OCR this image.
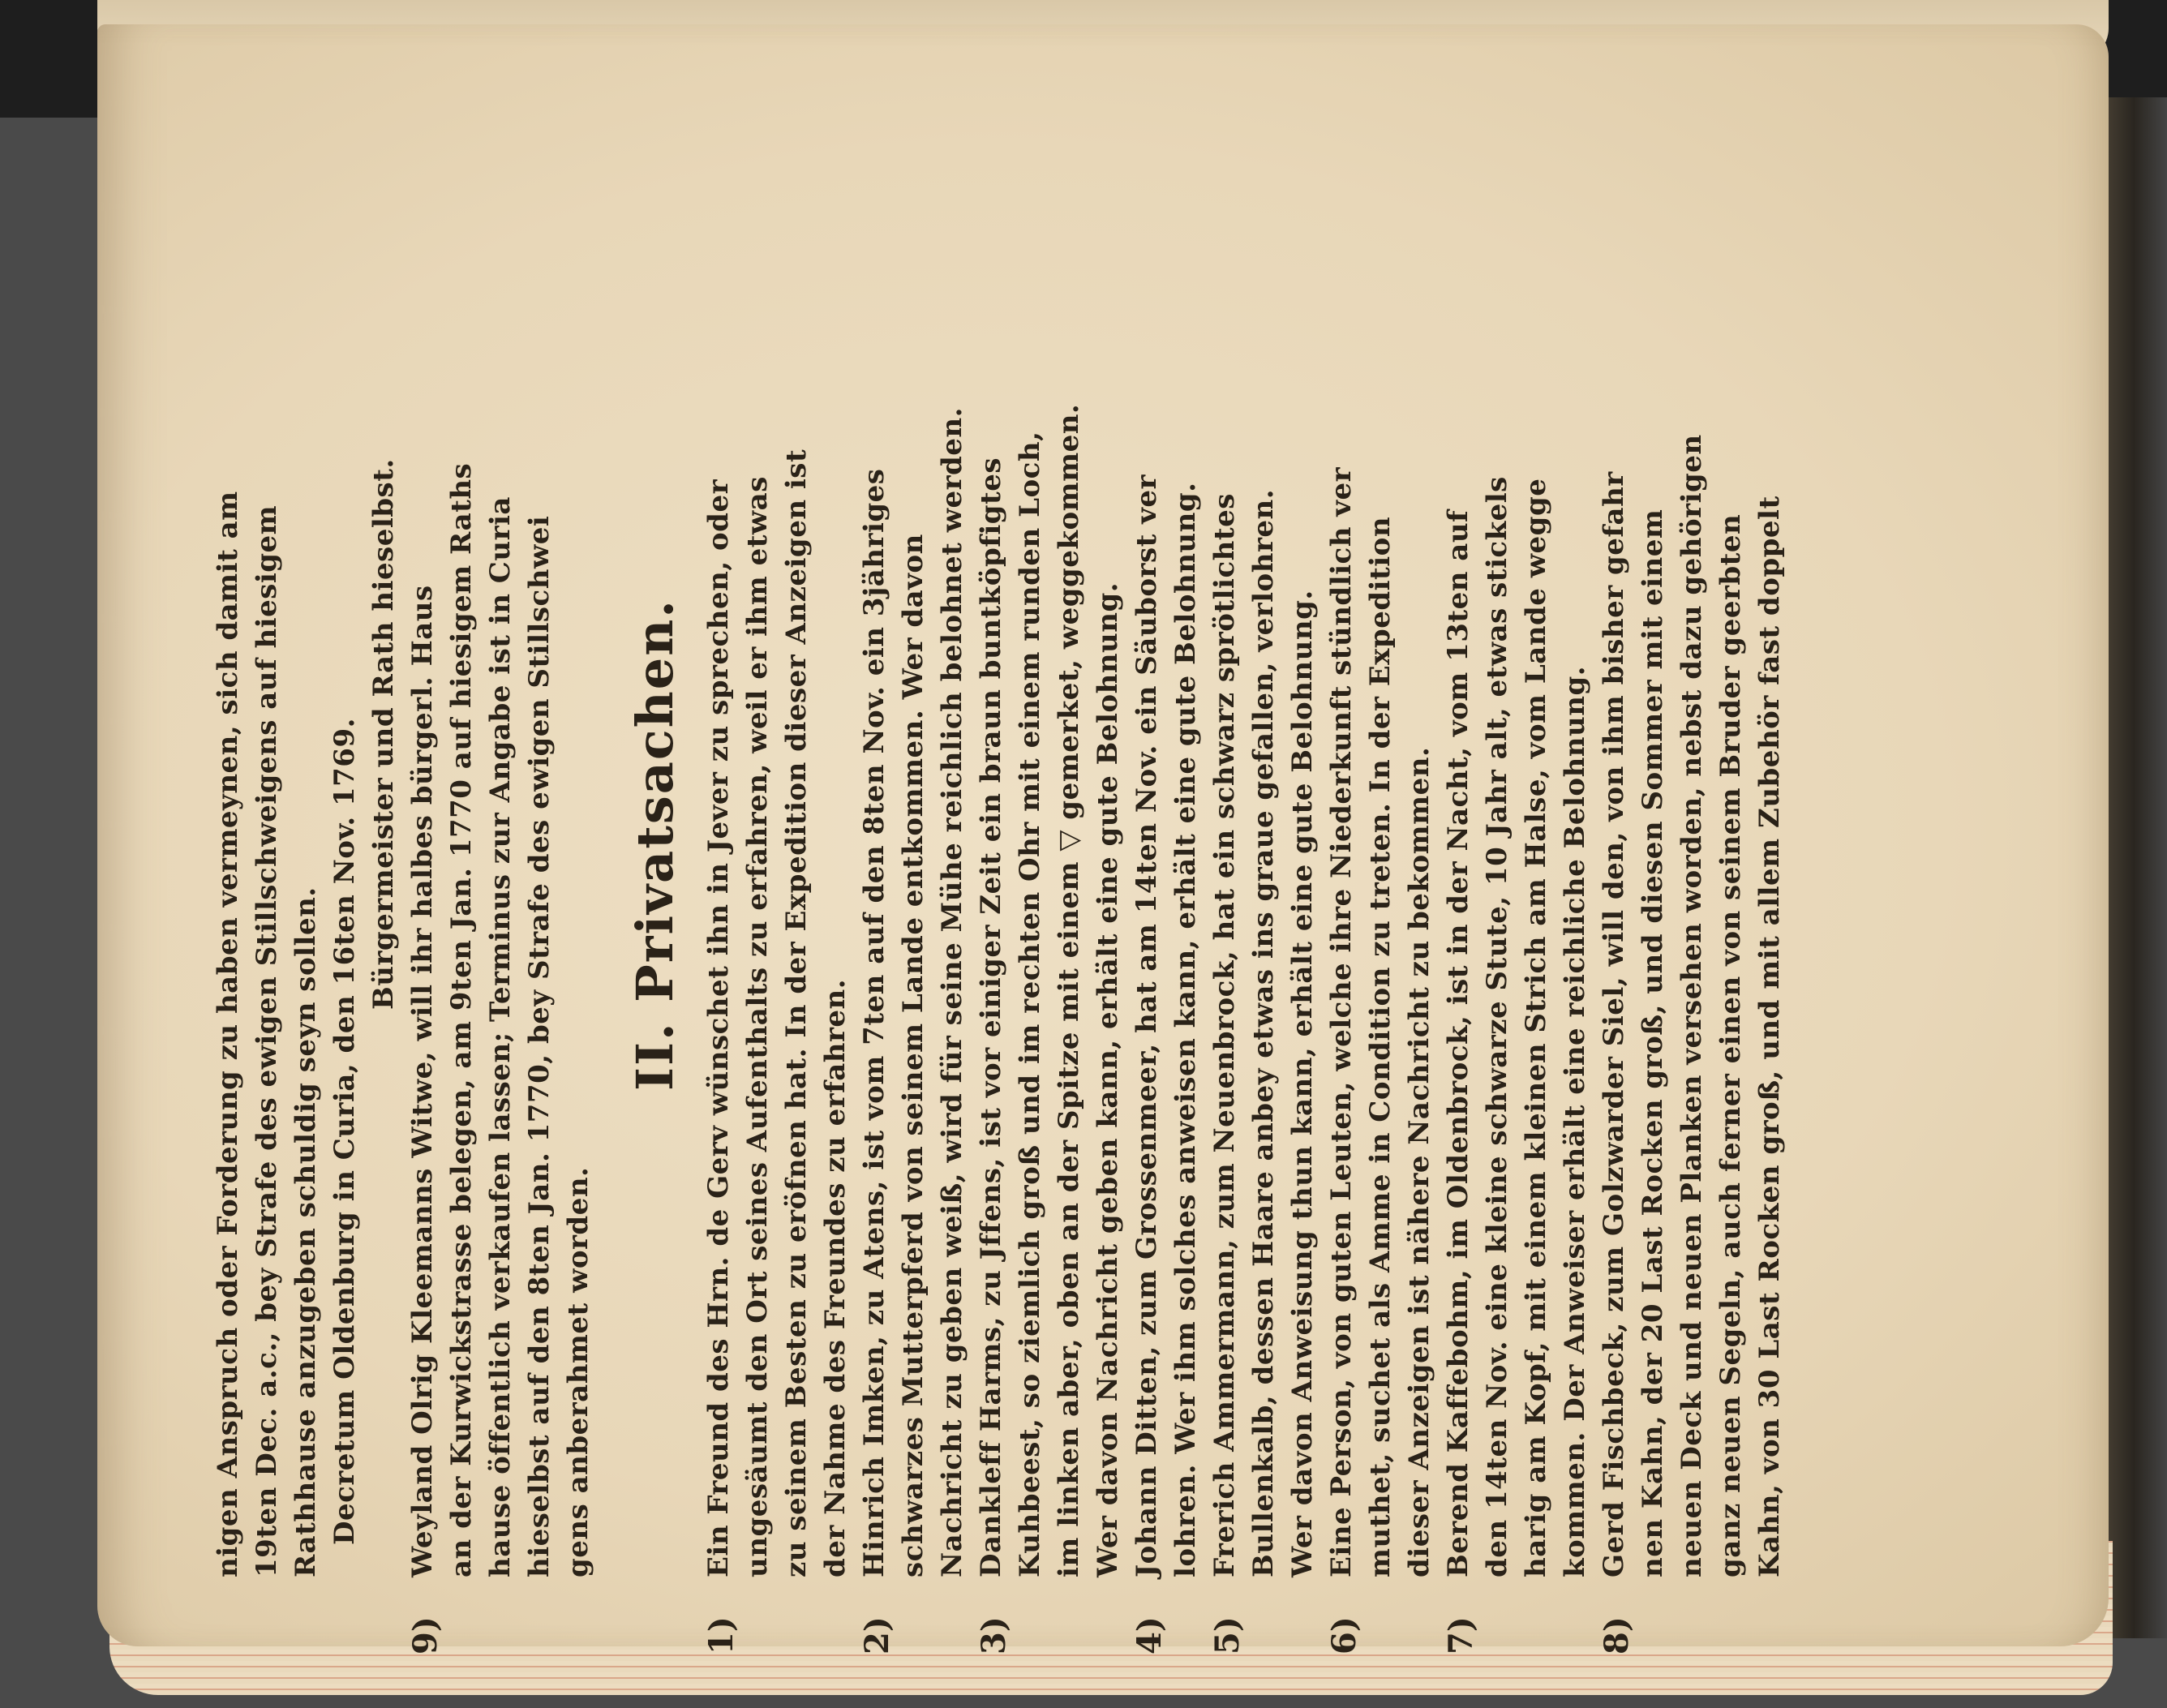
nigen Anspruch oder Forderung zu haben vermeynen, sich damit am 19ten Dec. a.c., bey Strafe des ewigen Stillschweigens auf hiesigem Rathhause anzugeben schuldig seyn sollen. Decretum Oldenburg in Curia, den 16ten Nov. 1769. Bürgermeister und Rath hieselbst.
9)
Weyland Olrig Kleemanns Witwe, will ihr halbes bürgerl. Haus an der Kurwickstrasse belegen, am 9ten Jan. 1770 auf hiesigem Raths hause öffentlich verkaufen lassen; Terminus zur Angabe ist in Curia hieselbst auf den 8ten Jan. 1770, bey Strafe des ewigen Stillschwei gens anberahmet worden.
II. Privatsachen.
1)
Ein Freund des Hrn. de Gerv wünschet ihn in Jever zu sprechen, oder ungesäumt den Ort seines Aufenthalts zu erfahren, weil er ihm etwas zu seinem Besten zu eröfnen hat. In der Expedition dieser Anzeigen ist der Nahme des Freundes zu erfahren.
2)
Hinrich Imken, zu Atens, ist vom 7ten auf den 8ten Nov. ein 3jähriges schwarzes Mutterpferd von seinem Lande entkommen. Wer davon Nachricht zu geben weiß, wird für seine Mühe reichlich belohnet werden.
3)
Dankleff Harms, zu Jffens, ist vor einiger Zeit ein braun buntköpfigtes Kuhbeest, so ziemlich groß und im rechten Ohr mit einem runden Loch, im linken aber, oben an der Spitze mit einem ▽ gemerket, weggekommen. Wer davon Nachricht geben kann, erhält eine gute Belohnung.
4)
Johann Ditten, zum Grossenmeer, hat am 14ten Nov. ein Säuborst ver lohren. Wer ihm solches anweisen kann, erhält eine gute Belohnung.
5)
Frerich Ammermann, zum Neuenbrock, hat ein schwarz sprötlichtes Bullenkalb, dessen Haare anbey etwas ins graue gefallen, verlohren. Wer davon Anweisung thun kann, erhält eine gute Belohnung.
6)
Eine Person, von guten Leuten, welche ihre Niederkunft stündlich ver muthet, suchet als Amme in Condition zu treten. In der Expedition dieser Anzeigen ist nähere Nachricht zu bekommen.
7)
Berend Kaffebohm, im Oldenbrock, ist in der Nacht, vom 13ten auf den 14ten Nov. eine kleine schwarze Stute, 10 Jahr alt, etwas stickels harig am Kopf, mit einem kleinen Strich am Halse, vom Lande wegge kommen. Der Anweiser erhält eine reichliche Belohnung.
8)
Gerd Fischbeck, zum Golzwarder Siel, will den, von ihm bisher gefahr nen Kahn, der 20 Last Rocken groß, und diesen Sommer mit einem neuen Deck und neuen Planken versehen worden, nebst dazu gehörigen ganz neuen Segeln, auch ferner einen von seinem Bruder geerbten Kahn, von 30 Last Rocken groß, und mit allem Zubehör fast doppelt
